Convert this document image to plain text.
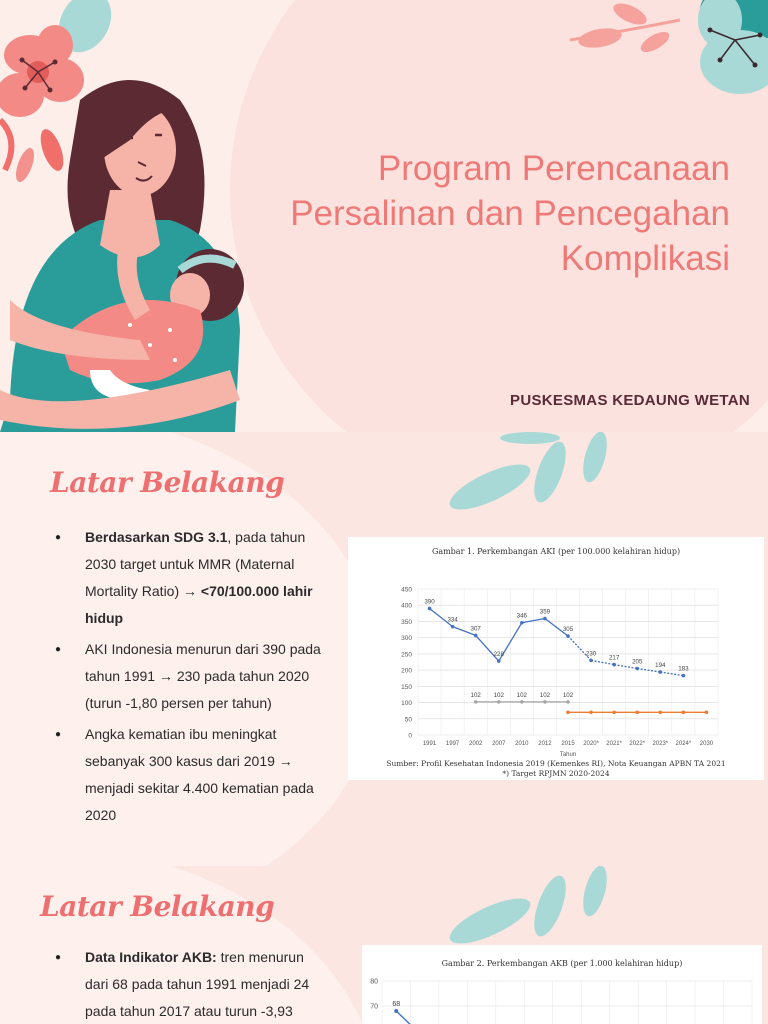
Program Perencanaan
Persalinan dan Pencegahan
Komplikasi
PUSKESMAS KEDAUNG WETAN
Latar Belakang
● Berdasarkan SDG 3.1, pada tahun 2030 target untuk MMR (Maternal Mortality Ratio) → <70/100.000 lahir hidup
● AKI Indonesia menurun dari 390 pada tahun 1991 → 230 pada tahun 2020 (turun -1,80 persen per tahun)
● Angka kematian ibu meningkat sebanyak 300 kasus dari 2019 → menjadi sekitar 4.400 kematian pada 2020
Gambar 1. Perkembangan AKI (per 100.000 kelahiran hidup)
0
50
100
150
200
250
300
350
400
450
1991 1997 2002 2007 2010 2012 2015 2020* 2021* 2022* 2023* 2024* 2030
Tahun
390
334
307
228
346
359
305
230
217
205
194
183
102 102 102 102 102
Sumber: Profil Kesehatan Indonesia 2019 (Kemenkes RI), Nota Keuangan APBN TA 2021
*) Target RPJMN 2020-2024
Latar Belakang
● Data Indikator AKB: tren menurun dari 68 pada tahun 1991 menjadi 24 pada tahun 2017 atau turun -3,93
Gambar 2. Perkembangan AKB (per 1.000 kelahiran hidup)
70
80
68
